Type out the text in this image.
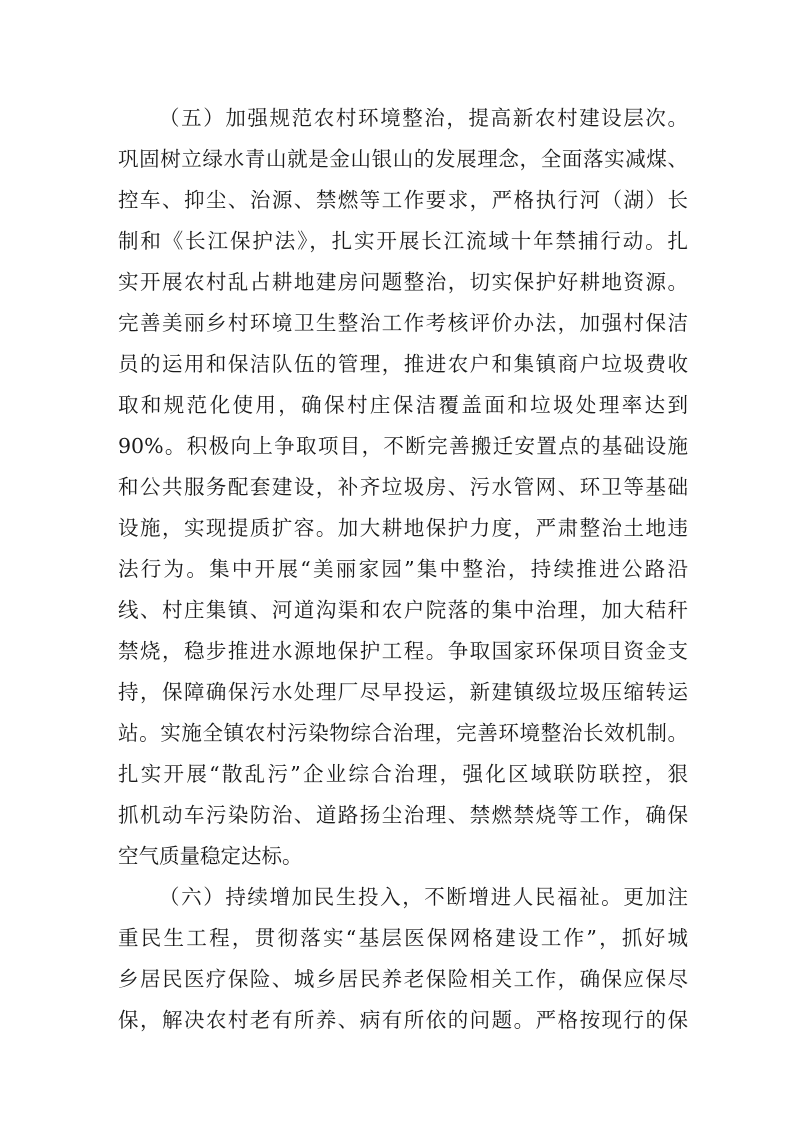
（五）加强规范农村环境整治，提高新农村建设层次。
巩固树立绿水青山就是金山银山的发展理念，全面落实减煤、
控车、抑尘、治源、禁燃等工作要求，严格执行河（湖）长
制和《长江保护法》，扎实开展长江流域十年禁捕行动。扎
实开展农村乱占耕地建房问题整治，切实保护好耕地资源。
完善美丽乡村环境卫生整治工作考核评价办法，加强村保洁
员的运用和保洁队伍的管理，推进农户和集镇商户垃圾费收
取和规范化使用，确保村庄保洁覆盖面和垃圾处理率达到
90%。积极向上争取项目，不断完善搬迁安置点的基础设施
和公共服务配套建设，补齐垃圾房、污水管网、环卫等基础
设施，实现提质扩容。加大耕地保护力度，严肃整治土地违
法行为。集中开展“美丽家园”集中整治，持续推进公路沿
线、村庄集镇、河道沟渠和农户院落的集中治理，加大秸秆
禁烧，稳步推进水源地保护工程。争取国家环保项目资金支
持，保障确保污水处理厂尽早投运，新建镇级垃圾压缩转运
站。实施全镇农村污染物综合治理，完善环境整治长效机制。
扎实开展“散乱污”企业综合治理，强化区域联防联控，狠
抓机动车污染防治、道路扬尘治理、禁燃禁烧等工作，确保
空气质量稳定达标。
（六）持续增加民生投入，不断增进人民福祉。更加注
重民生工程，贯彻落实“基层医保网格建设工作”，抓好城
乡居民医疗保险、城乡居民养老保险相关工作，确保应保尽
保，解决农村老有所养、病有所依的问题。严格按现行的保
